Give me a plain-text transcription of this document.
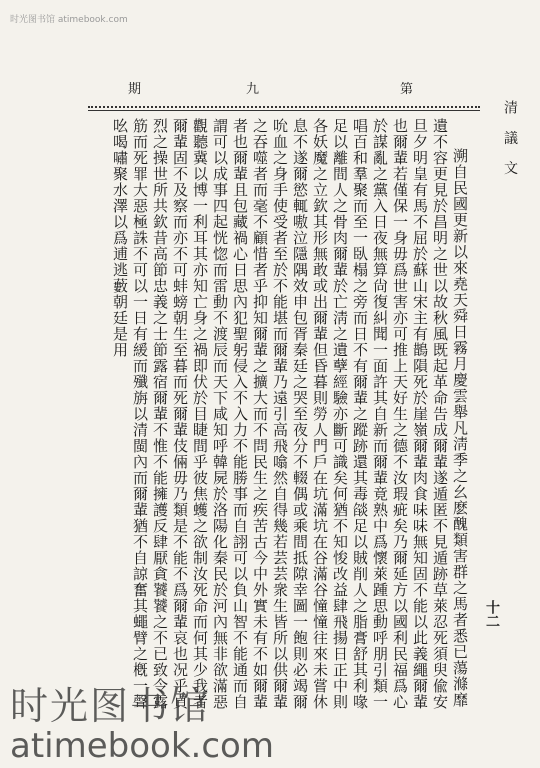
时光图书馆 atimebook.com
期	九	第
清 議 文
十二

溯自民國更新以來堯天舜日霧月慶雲舉凡淸季之幺麽醜類害群之馬者悉已蕩滌靡遺不容更見於昌明之世以故秋風既起革命告成爾輩遂遁匿不見遁跡草萊忍死須臾偸安旦夕明皇有馬不屈於蘇山宋主有鵲隕死於崖嶺爾輩肉食味味無知固不能以此義繩爾輩也爾輩若僅保一身毋爲世害亦可推上天好生之德不汝瑕疵矣乃爾延方以國利民福爲心於謀亂之黨入日夜無算尙復糾聞一面許其自新而爾輩竟熟中爲懷萊踵思動呼朋引類一唱百和羣聚而至一臥榻之旁而日不有爾輩之蹤跡還其毒燄足以賊削人之脂膏舒其利喙足以離間人之骨肉爾輩於亡淸之遺孽經驗亦斷可識矣何猶不知悛改益肆飛揚日正中則各妖魔之立欽其形無敢或出爾輩但昏暮則勞人門戶在坑滿坑在谷滿谷憧憧往來未嘗休息不遂爾慾輒嗷泣隱隅效申包胥秦廷之哭至夜分不輟偶或乘間抵隙幸圖一飽則必竭爾吮血之身手使受者至於不能堪而爾輩乃遠引高飛噏然自得幾若芸芸衆生皆所以供爾輩之吞噬者而毫不顧惜者乎抑知爾輩之擴大而不問民生之疾苦古今中外實未有不如爾輩者也爾輩且包藏禍心日思內犯聖躬侵入不入力不能勝事而自詡可以負山智不能通而自謂可以成事四起恍惚而雷動不渡辰而天下咸知呼韓屍於洛陽化秦民於河內無非欲滿惡觀聽冀以博一利耳其亦知亡身之禍即伏於目睫間乎彼焦蠖之欲制汝死命而何其少我者爾輩固不及察而亦不可蚌螃朝生至暮而死爾輩伎倆毋乃類是不能不爲爾輩哀也况乎貞烈之操世所共欽昔高節忠義之士節露宿爾輩不惟不能擁護反肆厭貪饕饕之不已致令露筋而死罪大惡極誅不可以一日有緩而殲旃以清閩內而爾輩猶不自諒奮其蠅臂之槪一聲吆喝嘯聚水澤以爲逋逃藪朝廷是用

时光图书馆
atimebook.com
